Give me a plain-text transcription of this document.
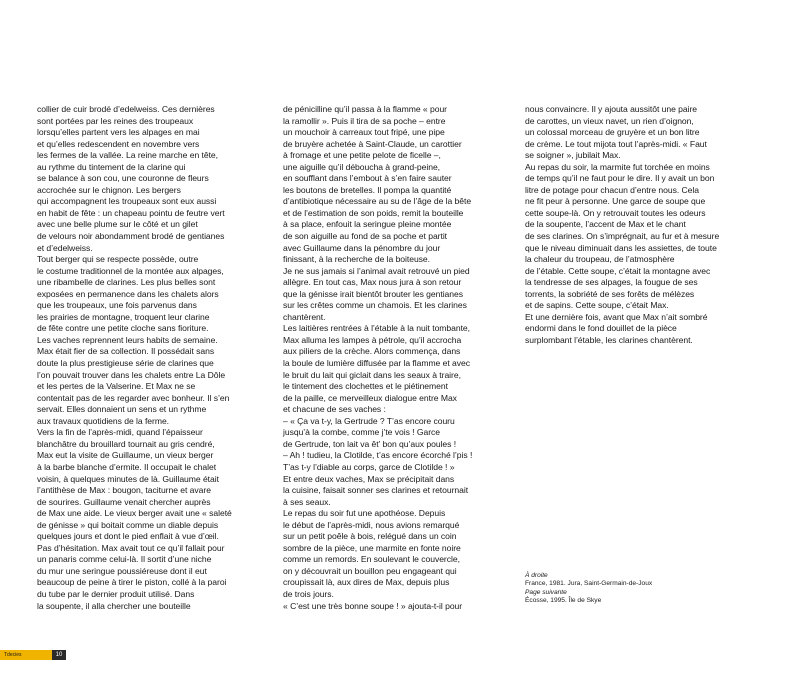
collier de cuir brodé d’edelweiss. Ces dernières
sont portées par les reines des troupeaux
lorsqu’elles partent vers les alpages en mai
et qu’elles redescendent en novembre vers
les fermes de la vallée. La reine marche en tête,
au rythme du tintement de la clarine qui
se balance à son cou, une couronne de fleurs
accrochée sur le chignon. Les bergers
qui accompagnent les troupeaux sont eux aussi
en habit de fête : un chapeau pointu de feutre vert
avec une belle plume sur le côté et un gilet
de velours noir abondamment brodé de gentianes
et d’edelweiss.
Tout berger qui se respecte possède, outre
le costume traditionnel de la montée aux alpages,
une ribambelle de clarines. Les plus belles sont
exposées en permanence dans les chalets alors
que les troupeaux, une fois parvenus dans
les prairies de montagne, troquent leur clarine
de fête contre une petite cloche sans fioriture.
Les vaches reprennent leurs habits de semaine.
Max était fier de sa collection. Il possédait sans
doute la plus prestigieuse série de clarines que
l’on pouvait trouver dans les chalets entre La Dôle
et les pertes de la Valserine. Et Max ne se
contentait pas de les regarder avec bonheur. Il s’en
servait. Elles donnaient un sens et un rythme
aux travaux quotidiens de la ferme.
Vers la fin de l’après-midi, quand l’épaisseur
blanchâtre du brouillard tournait au gris cendré,
Max eut la visite de Guillaume, un vieux berger
à la barbe blanche d’ermite. Il occupait le chalet
voisin, à quelques minutes de là. Guillaume était
l’antithèse de Max : bougon, taciturne et avare
de sourires. Guillaume venait chercher auprès
de Max une aide. Le vieux berger avait une « saleté
de génisse » qui boitait comme un diable depuis
quelques jours et dont le pied enflait à vue d’œil.
Pas d’hésitation. Max avait tout ce qu’il fallait pour
un panaris comme celui-là. Il sortit d’une niche
du mur une seringue poussiéreuse dont il eut
beaucoup de peine à tirer le piston, collé à la paroi
du tube par le dernier produit utilisé. Dans
la soupente, il alla chercher une bouteille
de pénicilline qu’il passa à la flamme « pour
la ramollir ». Puis il tira de sa poche – entre
un mouchoir à carreaux tout fripé, une pipe
de bruyère achetée à Saint-Claude, un carottier
à fromage et une petite pelote de ficelle –,
une aiguille qu’il déboucha à grand-peine,
en soufflant dans l’embout à s’en faire sauter
les boutons de bretelles. Il pompa la quantité
d’antibiotique nécessaire au su de l’âge de la bête
et de l’estimation de son poids, remit la bouteille
à sa place, enfouit la seringue pleine montée
de son aiguille au fond de sa poche et partit
avec Guillaume dans la pénombre du jour
finissant, à la recherche de la boiteuse.
Je ne sus jamais si l’animal avait retrouvé un pied
allègre. En tout cas, Max nous jura à son retour
que la génisse irait bientôt brouter les gentianes
sur les crêtes comme un chamois. Et les clarines
chantèrent.
Les laitières rentrées à l’étable à la nuit tombante,
Max alluma les lampes à pétrole, qu’il accrocha
aux piliers de la crèche. Alors commença, dans
la boule de lumière diffusée par la flamme et avec
le bruit du lait qui giclait dans les seaux à traire,
le tintement des clochettes et le piétinement
de la paille, ce merveilleux dialogue entre Max
et chacune de ses vaches :
– « Ça va t-y, la Gertrude ? T’as encore couru
jusqu’à la combe, comme j’te vois ! Garce
de Gertrude, ton lait va êt’ bon qu’aux poules !
– Ah ! tudieu, la Clotilde, t’as encore écorché l’pis !
T’as t-y l’diable au corps, garce de Clotilde ! »
Et entre deux vaches, Max se précipitait dans
la cuisine, faisait sonner ses clarines et retournait
à ses seaux.
Le repas du soir fut une apothéose. Depuis
le début de l’après-midi, nous avions remarqué
sur un petit poêle à bois, relégué dans un coin
sombre de la pièce, une marmite en fonte noire
comme un remords. En soulevant le couvercle,
on y découvrait un bouillon peu engageant qui
croupissait là, aux dires de Max, depuis plus
de trois jours.
« C’est une très bonne soupe ! » ajouta-t-il pour
nous convaincre. Il y ajouta aussitôt une paire
de carottes, un vieux navet, un rien d’oignon,
un colossal morceau de gruyère et un bon litre
de crème. Le tout mijota tout l’après-midi. « Faut
se soigner », jubilait Max.
Au repas du soir, la marmite fut torchée en moins
de temps qu’il ne faut pour le dire. Il y avait un bon
litre de potage pour chacun d’entre nous. Cela
ne fit peur à personne. Une garce de soupe que
cette soupe-là. On y retrouvait toutes les odeurs
de la soupente, l’accent de Max et le chant
de ses clarines. On s’imprégnait, au fur et à mesure
que le niveau diminuait dans les assiettes, de toute
la chaleur du troupeau, de l’atmosphère
de l’étable. Cette soupe, c’était la montagne avec
la tendresse de ses alpages, la fougue de ses
torrents, la sobriété de ses forêts de mélèzes
et de sapins. Cette soupe, c’était Max.
Et une dernière fois, avant que Max n’ait sombré
endormi dans le fond douillet de la pièce
surplombant l’étable, les clarines chantèrent.
À droite
France, 1981. Jura, Saint-Germain-de-Joux
Page suivante
Écosse, 1995. Île de Skye
Tdecies	10
